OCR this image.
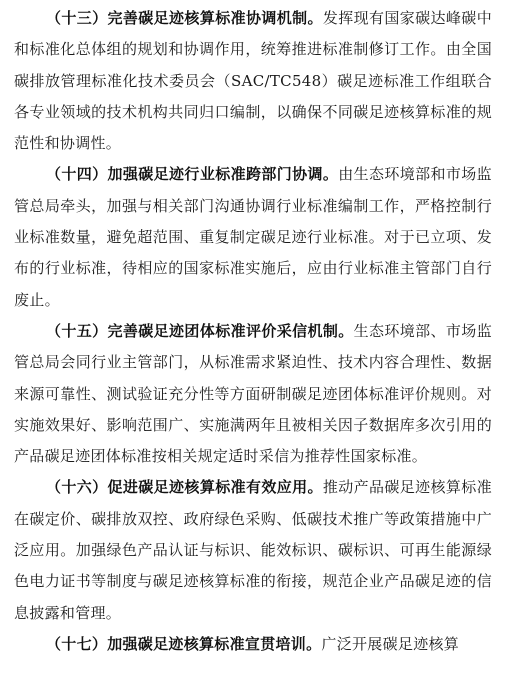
（十三）完善碳足迹核算标准协调机制。发挥现有国家碳达峰碳中和标准化总体组的规划和协调作用，统筹推进标准制修订工作。由全国碳排放管理标准化技术委员会（SAC/TC548）碳足迹标准工作组联合各专业领域的技术机构共同归口编制，以确保不同碳足迹核算标准的规范性和协调性。

（十四）加强碳足迹行业标准跨部门协调。由生态环境部和市场监管总局牵头，加强与相关部门沟通协调行业标准编制工作，严格控制行业标准数量，避免超范围、重复制定碳足迹行业标准。对于已立项、发布的行业标准，待相应的国家标准实施后，应由行业标准主管部门自行废止。

（十五）完善碳足迹团体标准评价采信机制。生态环境部、市场监管总局会同行业主管部门，从标准需求紧迫性、技术内容合理性、数据来源可靠性、测试验证充分性等方面研制碳足迹团体标准评价规则。对实施效果好、影响范围广、实施满两年且被相关因子数据库多次引用的产品碳足迹团体标准按相关规定适时采信为推荐性国家标准。

（十六）促进碳足迹核算标准有效应用。推动产品碳足迹核算标准在碳定价、碳排放双控、政府绿色采购、低碳技术推广等政策措施中广泛应用。加强绿色产品认证与标识、能效标识、碳标识、可再生能源绿色电力证书等制度与碳足迹核算标准的衔接，规范企业产品碳足迹的信息披露和管理。

（十七）加强碳足迹核算标准宣贯培训。广泛开展碳足迹核算
